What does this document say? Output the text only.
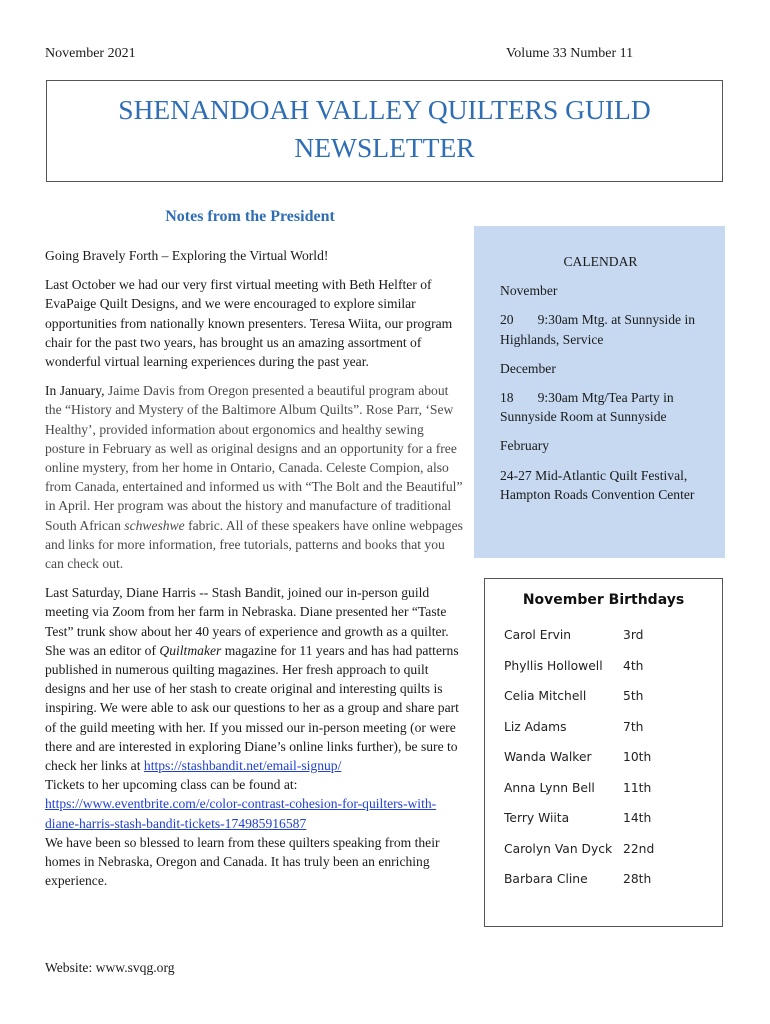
November 2021	Volume 33 Number 11
SHENANDOAH VALLEY QUILTERS GUILD
NEWSLETTER
Notes from the President

Going Bravely Forth – Exploring the Virtual World!

Last October we had our very first virtual meeting with Beth Helfter of EvaPaige Quilt Designs, and we were encouraged to explore similar opportunities from nationally known presenters. Teresa Wiita, our program chair for the past two years, has brought us an amazing assortment of wonderful virtual learning experiences during the past year.

In January, Jaime Davis from Oregon presented a beautiful program about the “History and Mystery of the Baltimore Album Quilts”. Rose Parr, ‘Sew Healthy’, provided information about ergonomics and healthy sewing posture in February as well as original designs and an opportunity for a free online mystery, from her home in Ontario, Canada. Celeste Compion, also from Canada, entertained and informed us with “The Bolt and the Beautiful” in April. Her program was about the history and manufacture of traditional South African schweshwe fabric. All of these speakers have online webpages and links for more information, free tutorials, patterns and books that you can check out.

Last Saturday, Diane Harris -- Stash Bandit, joined our in-person guild meeting via Zoom from her farm in Nebraska. Diane presented her “Taste Test” trunk show about her 40 years of experience and growth as a quilter. She was an editor of Quiltmaker magazine for 11 years and has had patterns published in numerous quilting magazines. Her fresh approach to quilt designs and her use of her stash to create original and interesting quilts is inspiring. We were able to ask our questions to her as a group and share part of the guild meeting with her. If you missed our in-person meeting (or were there and are interested in exploring Diane’s online links further), be sure to check her links at https://stashbandit.net/email-signup/

Tickets to her upcoming class can be found at:

https://www.eventbrite.com/e/color-contrast-cohesion-for-quilters-with-diane-harris-stash-bandit-tickets-174985916587

We have been so blessed to learn from these quilters speaking from their homes in Nebraska, Oregon and Canada. It has truly been an enriching experience.

CALENDAR

November

20 9:30am Mtg. at Sunnyside in Highlands, Service

December

18 9:30am Mtg/Tea Party in Sunnyside Room at Sunnyside

February

24-27 Mid-Atlantic Quilt Festival, Hampton Roads Convention Center

November Birthdays
Carol Ervin	3rd
Phyllis Hollowell	4th
Celia Mitchell	5th
Liz Adams	7th
Wanda Walker	10th
Anna Lynn Bell	11th
Terry Wiita	14th
Carolyn Van Dyck 22nd
Barbara Cline	28th
Website: www.svqg.org
